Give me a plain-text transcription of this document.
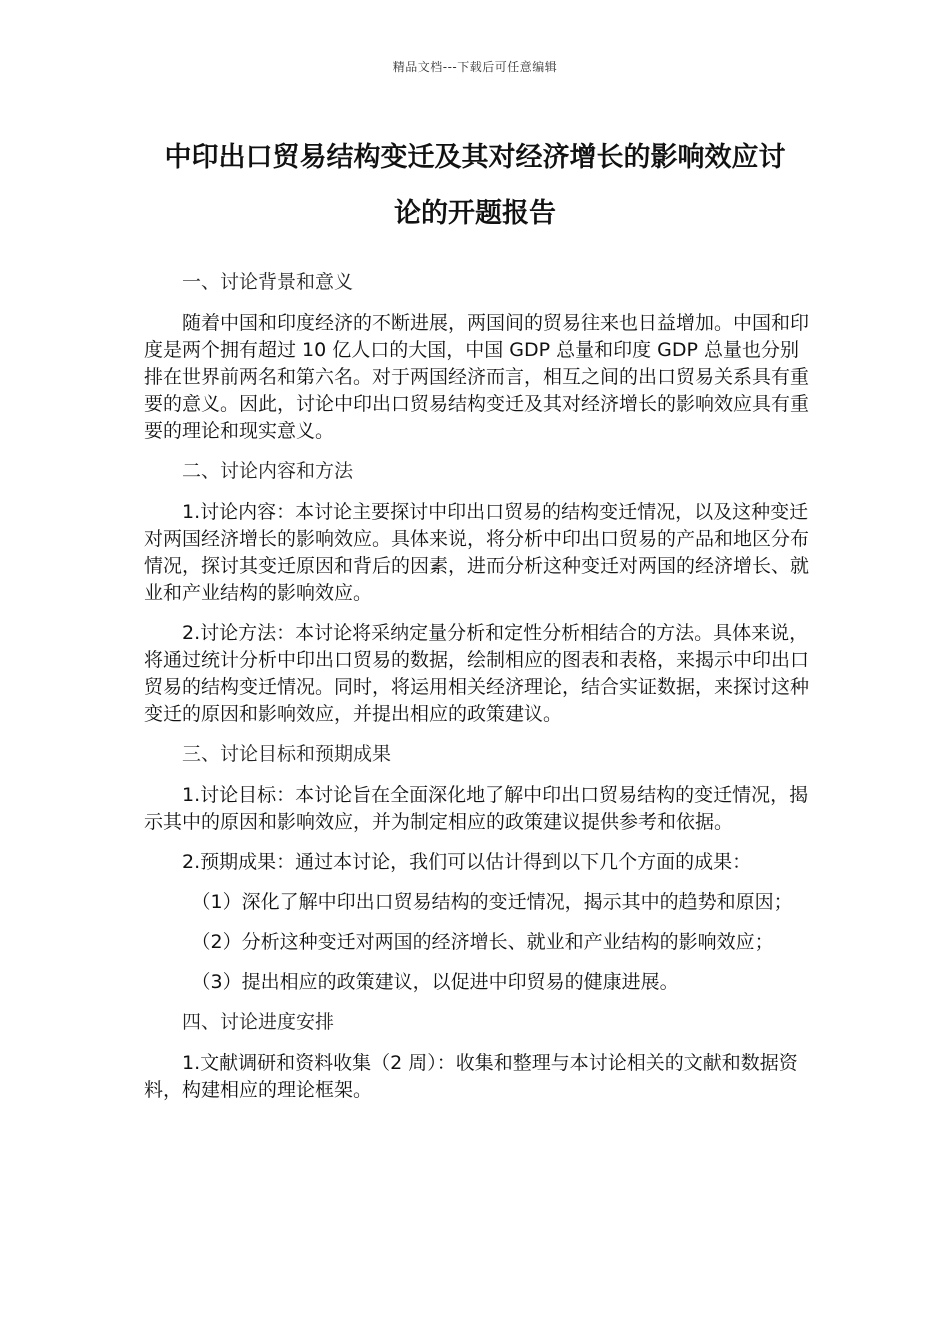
精品文档---下载后可任意编辑

中印出口贸易结构变迁及其对经济增长的影响效应讨

论的开题报告

一、讨论背景和意义

随着中国和印度经济的不断进展，两国间的贸易往来也日益增加。中国和印度是两个拥有超过 10 亿人口的大国，中国 GDP 总量和印度 GDP 总量也分别排在世界前两名和第六名。对于两国经济而言，相互之间的出口贸易关系具有重要的意义。因此，讨论中印出口贸易结构变迁及其对经济增长的影响效应具有重要的理论和现实意义。

二、讨论内容和方法

1.讨论内容：本讨论主要探讨中印出口贸易的结构变迁情况，以及这种变迁对两国经济增长的影响效应。具体来说，将分析中印出口贸易的产品和地区分布情况，探讨其变迁原因和背后的因素，进而分析这种变迁对两国的经济增长、就业和产业结构的影响效应。

2.讨论方法：本讨论将采纳定量分析和定性分析相结合的方法。具体来说，将通过统计分析中印出口贸易的数据，绘制相应的图表和表格，来揭示中印出口贸易的结构变迁情况。同时，将运用相关经济理论，结合实证数据，来探讨这种变迁的原因和影响效应，并提出相应的政策建议。

三、讨论目标和预期成果

1.讨论目标：本讨论旨在全面深化地了解中印出口贸易结构的变迁情况，揭示其中的原因和影响效应，并为制定相应的政策建议提供参考和依据。

2.预期成果：通过本讨论，我们可以估计得到以下几个方面的成果：

（1）深化了解中印出口贸易结构的变迁情况，揭示其中的趋势和原因；

（2）分析这种变迁对两国的经济增长、就业和产业结构的影响效应；

（3）提出相应的政策建议，以促进中印贸易的健康进展。

四、讨论进度安排

1.文献调研和资料收集（2 周）：收集和整理与本讨论相关的文献和数据资料，构建相应的理论框架。
